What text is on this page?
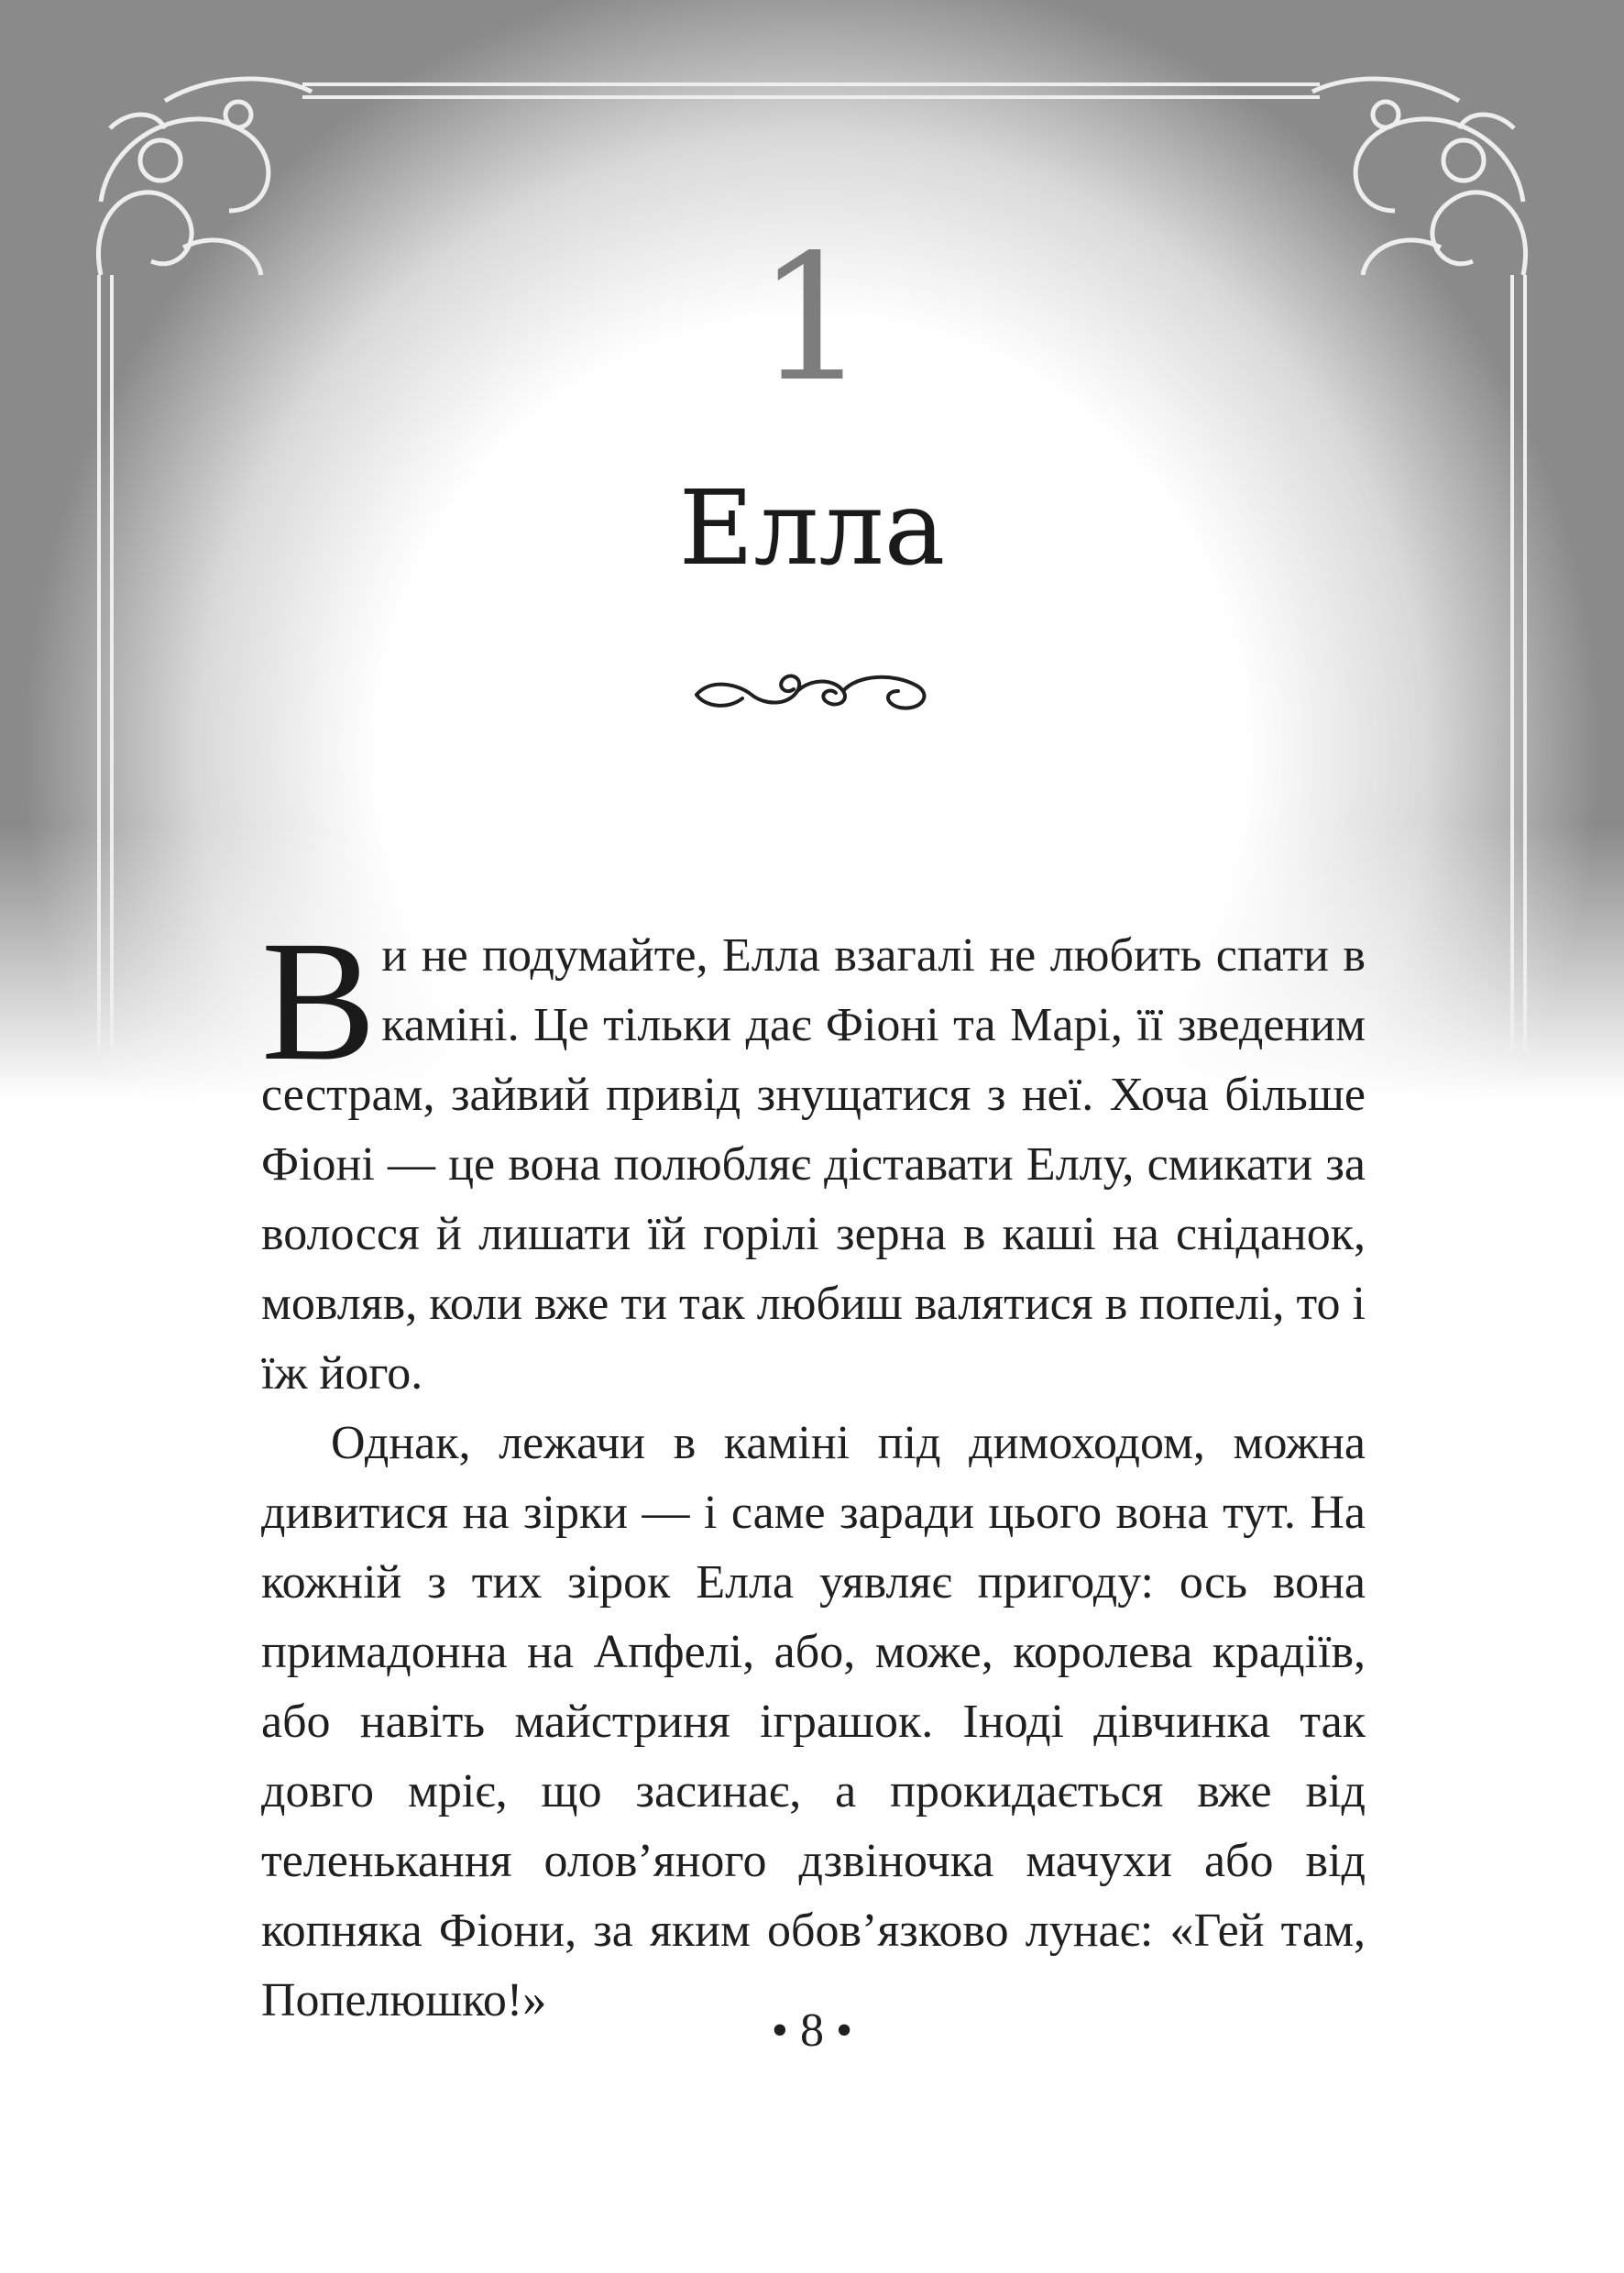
1
Елла

Ви не подумайте, Елла взагалі не любить спати в каміні. Це тільки дає Фіоні та Марі, її зведеним сестрам, зайвий привід знущатися з неї. Хоча більше Фіоні — це вона полюбляє діставати Еллу, смикати за волосся й лишати їй горілі зерна в каші на сніданок, мовляв, коли вже ти так любиш валятися в попелі, то і їж його.

Однак, лежачи в каміні під димоходом, можна дивитися на зірки — і саме заради цього вона тут. На кожній з тих зірок Елла уявляє пригоду: ось вона примадонна на Апфелі, або, може, королева крадіїв, або навіть майстриня іграшок. Іноді дівчинка так довго мріє, що засинає, а прокидається вже від теленькання олов’яного дзвіночка мачухи або від копняка Фіони, за яким обов’язково лунає: «Гей там, Попелюшко!»

• 8 •
